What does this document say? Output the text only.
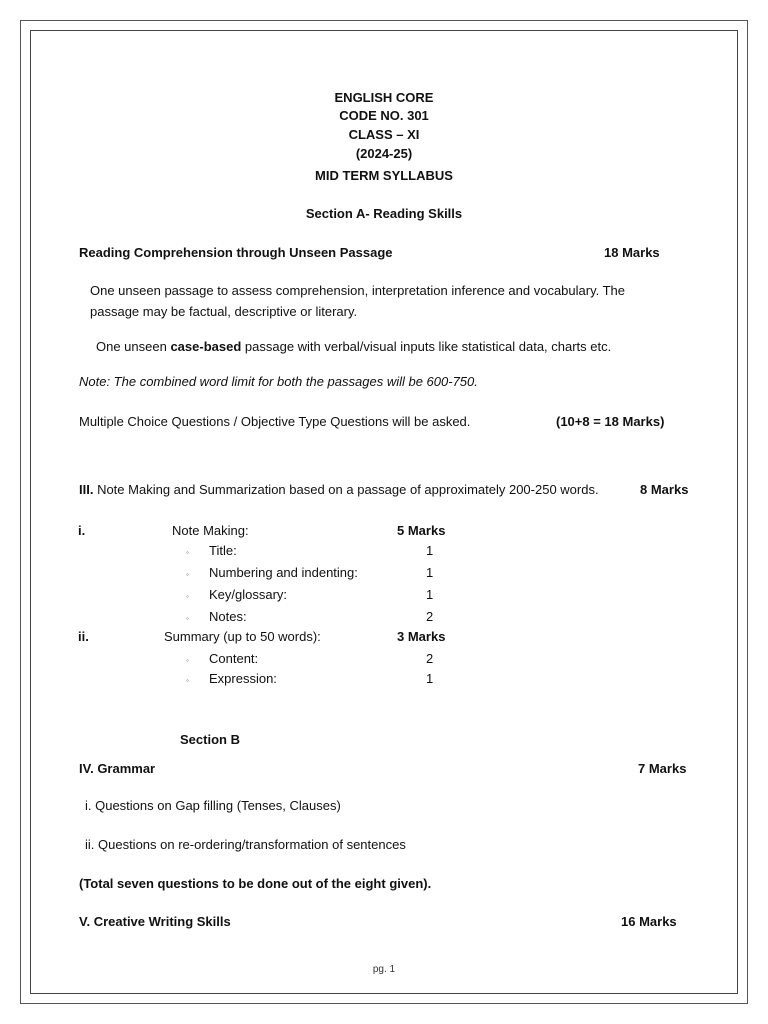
ENGLISH CORE
CODE NO. 301
CLASS – XI
(2024-25)
MID TERM SYLLABUS
Section A- Reading Skills
Reading Comprehension through Unseen Passage	18 Marks
One unseen passage to assess comprehension, interpretation inference and vocabulary. The
passage may be factual, descriptive or literary.
One unseen case-based passage with verbal/visual inputs like statistical data, charts etc.
Note: The combined word limit for both the passages will be 600-750.
Multiple Choice Questions / Objective Type Questions will be asked.	(10+8 = 18 Marks)
III. Note Making and Summarization based on a passage of approximately 200-250 words.	8 Marks
i.	Note Making:	5 Marks
◦ Title:	1
◦ Numbering and indenting:	1
◦ Key/glossary:	1
◦ Notes:	2
ii.	Summary (up to 50 words):	3 Marks
◦ Content:	2
◦ Expression:	1
Section B
IV. Grammar	7 Marks
i. Questions on Gap filling (Tenses, Clauses)
ii. Questions on re-ordering/transformation of sentences
(Total seven questions to be done out of the eight given).
V. Creative Writing Skills	16 Marks
pg. 1
